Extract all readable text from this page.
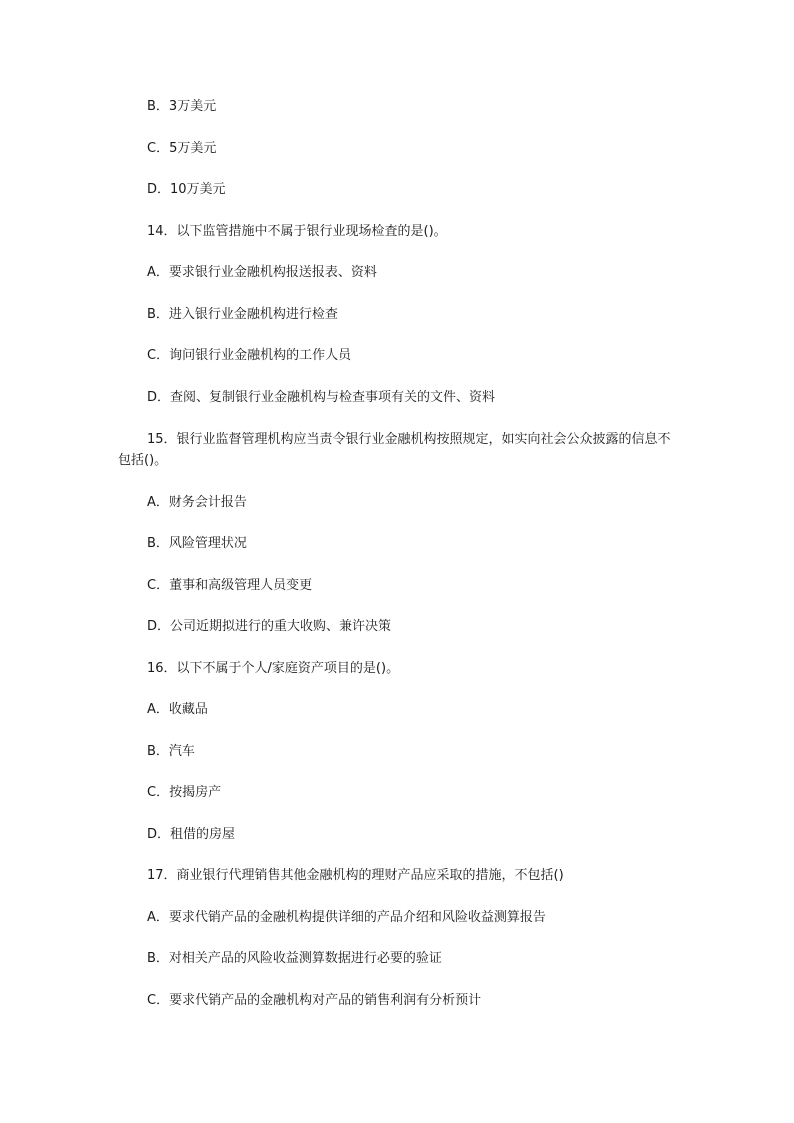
B．3万美元
C．5万美元
D．10万美元
14．以下监管措施中不属于银行业现场检査的是()。
A．要求银行业金融机构报送报表、资料
B．进入银行业金融机构进行检查
C．询问银行业金融机构的工作人员
D．查阅、复制银行业金融机构与检查事项有关的文件、资料
15．银行业监督管理机构应当责令银行业金融机构按照规定，如实向社会公众披露的信息不包括()。
A．财务会计报告
B．风险管理状况
C．董事和高级管理人员变更
D．公司近期拟进行的重大收购、兼许决策
16．以下不属于个人/家庭资产项目的是()。
A．收藏品
B．汽车
C．按揭房产
D．租借的房屋
17．商业银行代理销售其他金融机构的理财产品应采取的措施，不包括()
A．要求代销产品的金融机构提供详细的产品介绍和风险收益测算报告
B．对相关产品的风险收益测算数据进行必要的验证
C．要求代销产品的金融机构对产品的销售利润有分析预计
